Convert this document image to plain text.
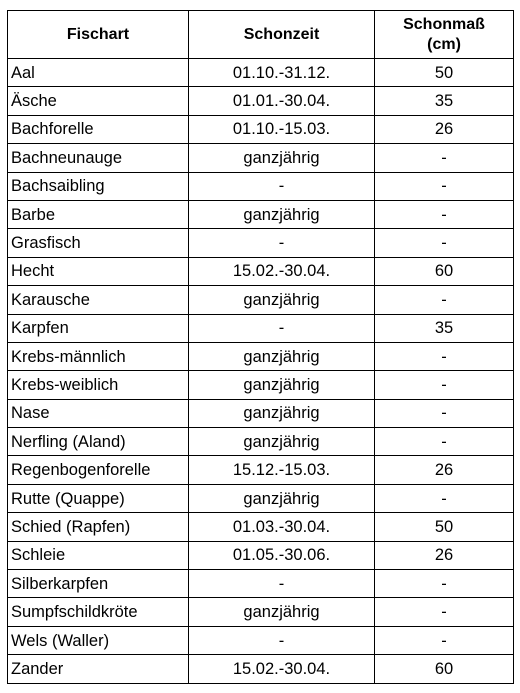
Fischart	Schonzeit	Schonmaß
(cm)

Aal	01.10.-31.12.	50
Äsche	01.01.-30.04.	35
Bachforelle	01.10.-15.03.	26
Bachneunauge	ganzjährig	-
Bachsaibling	-	-
Barbe	ganzjährig	-
Grasfisch	-	-
Hecht	15.02.-30.04.	60
Karausche	ganzjährig	-
Karpfen	-	35
Krebs-männlich	ganzjährig	-
Krebs-weiblich	ganzjährig	-
Nase	ganzjährig	-
Nerfling (Aland)	ganzjährig	-
Regenbogenforelle	15.12.-15.03.	26
Rutte (Quappe)	ganzjährig	-
Schied (Rapfen)	01.03.-30.04.	50
Schleie	01.05.-30.06.	26
Silberkarpfen	-	-
Sumpfschildkröte	ganzjährig	-
Wels (Waller)	-	-
Zander	15.02.-30.04.	60
